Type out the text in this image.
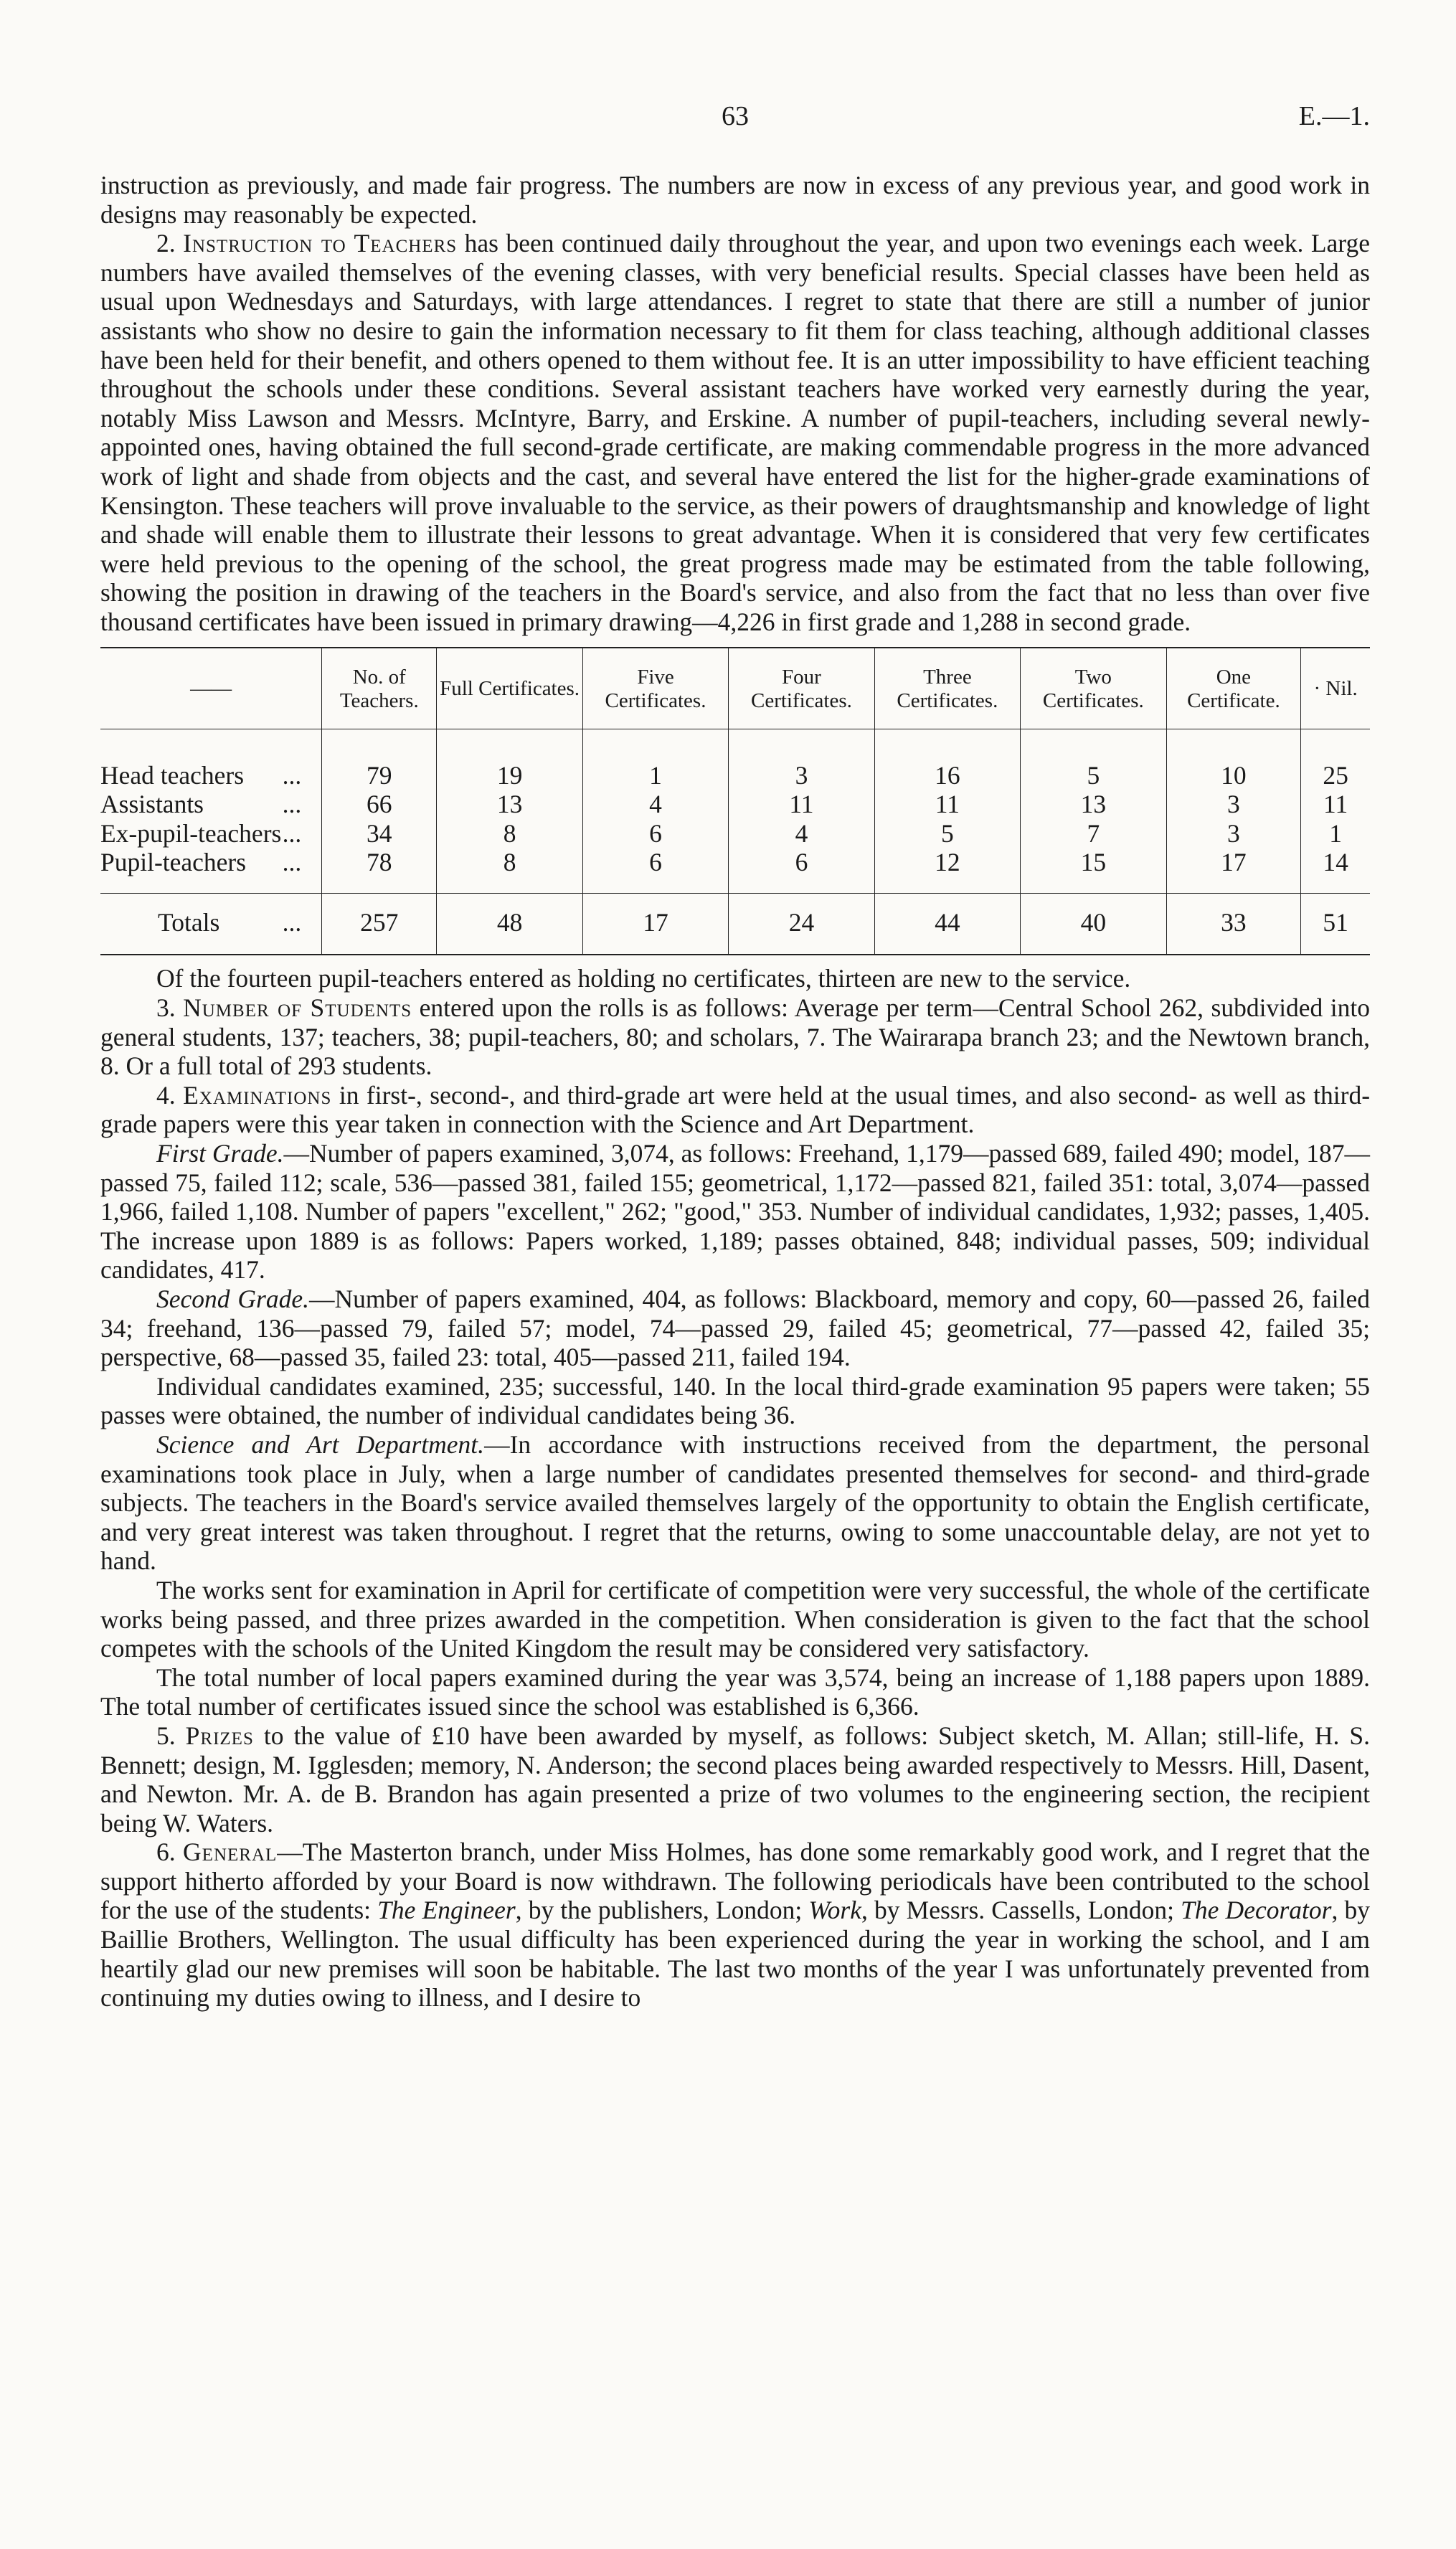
63	E.—1.

instruction as previously, and made fair progress. The numbers are now in excess of any previous year, and good work in designs may reasonably be expected.

2. Instruction to Teachers has been continued daily throughout the year, and upon two evenings each week. Large numbers have availed themselves of the evening classes, with very beneficial results. Special classes have been held as usual upon Wednesdays and Saturdays, with large attendances. I regret to state that there are still a number of junior assistants who show no desire to gain the information necessary to fit them for class teaching, although additional classes have been held for their benefit, and others opened to them without fee. It is an utter impossibility to have efficient teaching throughout the schools under these conditions. Several assistant teachers have worked very earnestly during the year, notably Miss Lawson and Messrs. McIntyre, Barry, and Erskine. A number of pupil-teachers, including several newly-appointed ones, having obtained the full second-grade certificate, are making commendable progress in the more advanced work of light and shade from objects and the cast, and several have entered the list for the higher-grade examinations of Kensington. These teachers will prove invaluable to the service, as their powers of draughtsmanship and knowledge of light and shade will enable them to illustrate their lessons to great advantage. When it is considered that very few certificates were held previous to the opening of the school, the great progress made may be estimated from the table following, showing the position in drawing of the teachers in the Board's service, and also from the fact that no less than over five thousand certificates have been issued in primary drawing—4,226 in first grade and 1,288 in second grade.

——	No. of Teachers.	Full Certificates.	Five Certificates.	Four Certificates.	Three Certificates.	Two Certificates.	One Certificate.	· Nil.

Head teachers ...	79	19	1	3	16	5	10	25

Assistants ...	66	13	4	11	11	13	3	11

Ex-pupil-teachers ...	34	8	6	4	5	7	3	1

Pupil-teachers ...	78	8	6	6	12	15	17	14

Totals ...	257	48	17	24	44	40	33	51

Of the fourteen pupil-teachers entered as holding no certificates, thirteen are new to the service.

3. Number of Students entered upon the rolls is as follows: Average per term—Central School 262, subdivided into general students, 137; teachers, 38; pupil-teachers, 80; and scholars, 7. The Wairarapa branch 23; and the Newtown branch, 8. Or a full total of 293 students.

4. Examinations in first-, second-, and third-grade art were held at the usual times, and also second- as well as third-grade papers were this year taken in connection with the Science and Art Department.

First Grade.—Number of papers examined, 3,074, as follows: Freehand, 1,179—passed 689, failed 490; model, 187—passed 75, failed 112; scale, 536—passed 381, failed 155; geometrical, 1,172—passed 821, failed 351: total, 3,074—passed 1,966, failed 1,108. Number of papers "excellent," 262; "good," 353. Number of individual candidates, 1,932; passes, 1,405. The increase upon 1889 is as follows: Papers worked, 1,189; passes obtained, 848; individual passes, 509; individual candidates, 417.

Second Grade.—Number of papers examined, 404, as follows: Blackboard, memory and copy, 60—passed 26, failed 34; freehand, 136—passed 79, failed 57; model, 74—passed 29, failed 45; geometrical, 77—passed 42, failed 35; perspective, 68—passed 35, failed 23: total, 405—passed 211, failed 194.

Individual candidates examined, 235; successful, 140. In the local third-grade examination 95 papers were taken; 55 passes were obtained, the number of individual candidates being 36.

Science and Art Department.—In accordance with instructions received from the department, the personal examinations took place in July, when a large number of candidates presented themselves for second- and third-grade subjects. The teachers in the Board's service availed themselves largely of the opportunity to obtain the English certificate, and very great interest was taken throughout. I regret that the returns, owing to some unaccountable delay, are not yet to hand.

The works sent for examination in April for certificate of competition were very successful, the whole of the certificate works being passed, and three prizes awarded in the competition. When consideration is given to the fact that the school competes with the schools of the United Kingdom the result may be considered very satisfactory.

The total number of local papers examined during the year was 3,574, being an increase of 1,188 papers upon 1889. The total number of certificates issued since the school was established is 6,366.

5. Prizes to the value of £10 have been awarded by myself, as follows: Subject sketch, M. Allan; still-life, H. S. Bennett; design, M. Igglesden; memory, N. Anderson; the second places being awarded respectively to Messrs. Hill, Dasent, and Newton. Mr. A. de B. Brandon has again presented a prize of two volumes to the engineering section, the recipient being W. Waters.

6. General—The Masterton branch, under Miss Holmes, has done some remarkably good work, and I regret that the support hitherto afforded by your Board is now withdrawn. The following periodicals have been contributed to the school for the use of the students: The Engineer, by the publishers, London; Work, by Messrs. Cassells, London; The Decorator, by Baillie Brothers, Wellington. The usual difficulty has been experienced during the year in working the school, and I am heartily glad our new premises will soon be habitable. The last two months of the year I was unfortunately prevented from continuing my duties owing to illness, and I desire to
